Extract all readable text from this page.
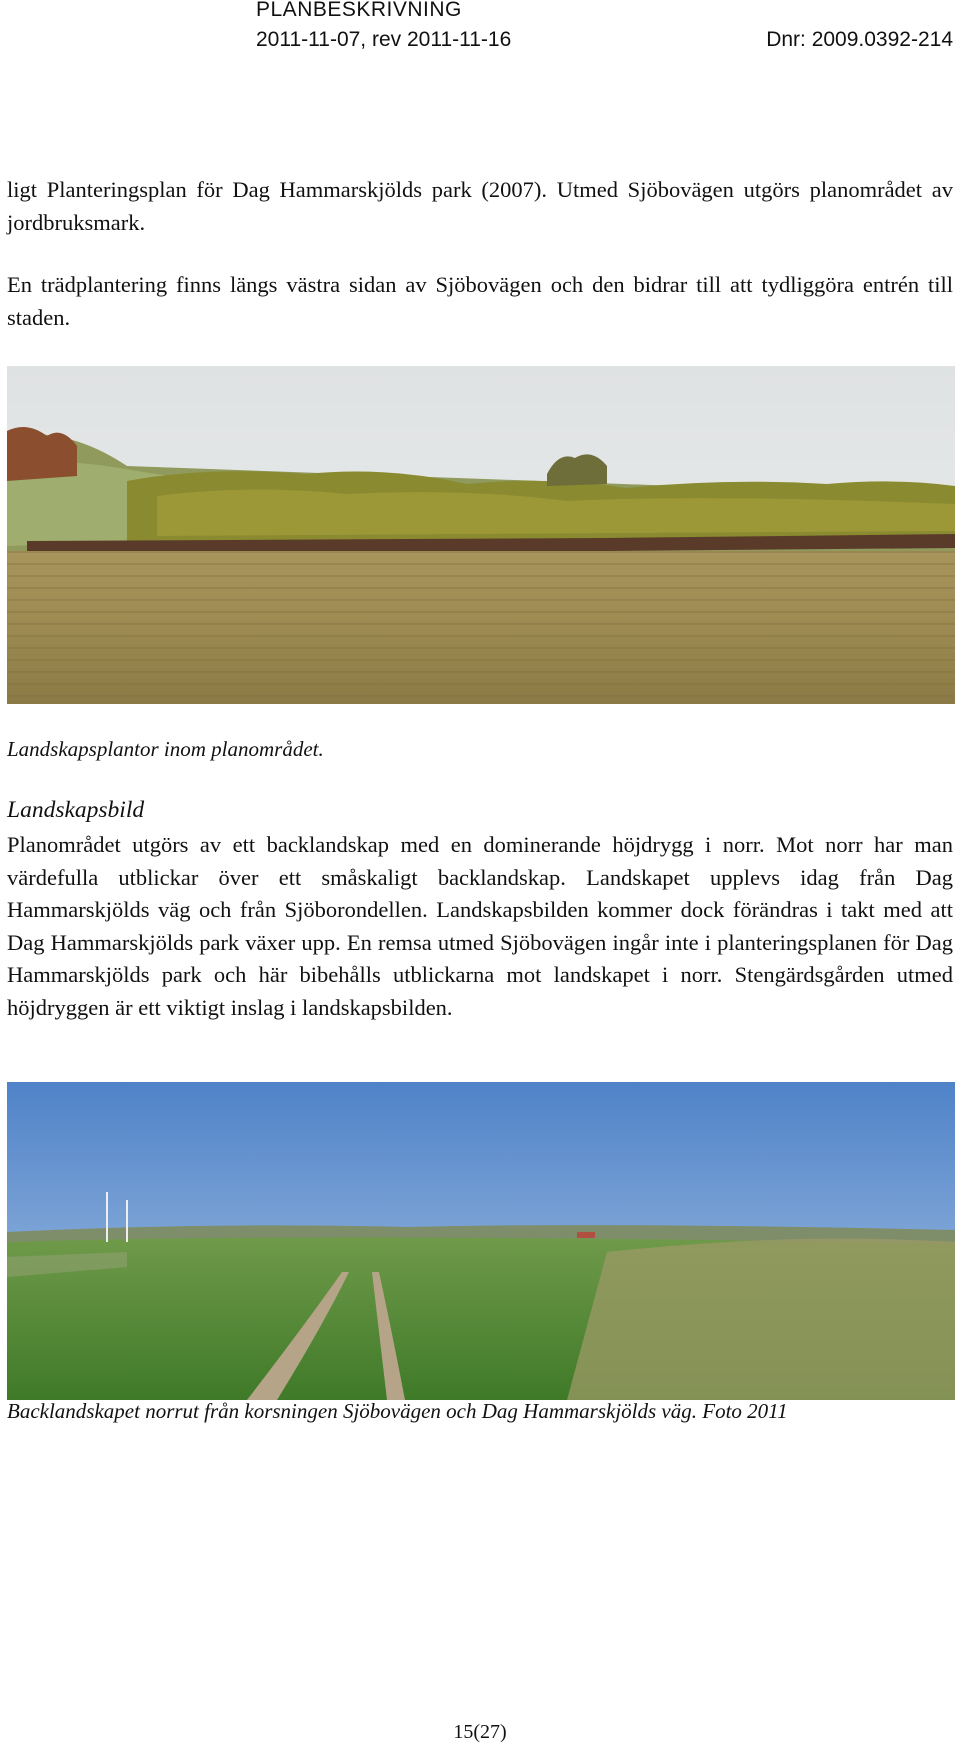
PLANBESKRIVNING
2011-11-07, rev 2011-11-16	Dnr: 2009.0392-214
ligt Planteringsplan för Dag Hammarskjölds park (2007). Utmed Sjöbovägen utgörs planområdet av jordbruksmark.
En trädplantering finns längs västra sidan av Sjöbovägen och den bidrar till att tydliggöra entrén till staden.
Landskapsplantor inom planområdet.
Landskapsbild
Planområdet utgörs av ett backlandskap med en dominerande höjdrygg i norr. Mot norr har man värdefulla utblickar över ett småskaligt backlandskap. Landskapet upplevs idag från Dag Hammarskjölds väg och från Sjöborondellen. Landskapsbilden kommer dock förändras i takt med att Dag Hammarskjölds park växer upp. En remsa utmed Sjöbovägen ingår inte i planteringsplanen för Dag Hammarskjölds park och här bibehålls utblickarna mot landskapet i norr. Stengärdsgården utmed höjdryggen är ett viktigt inslag i landskapsbilden.
Backlandskapet norrut från korsningen Sjöbovägen och Dag Hammarskjölds väg. Foto 2011
15(27)
